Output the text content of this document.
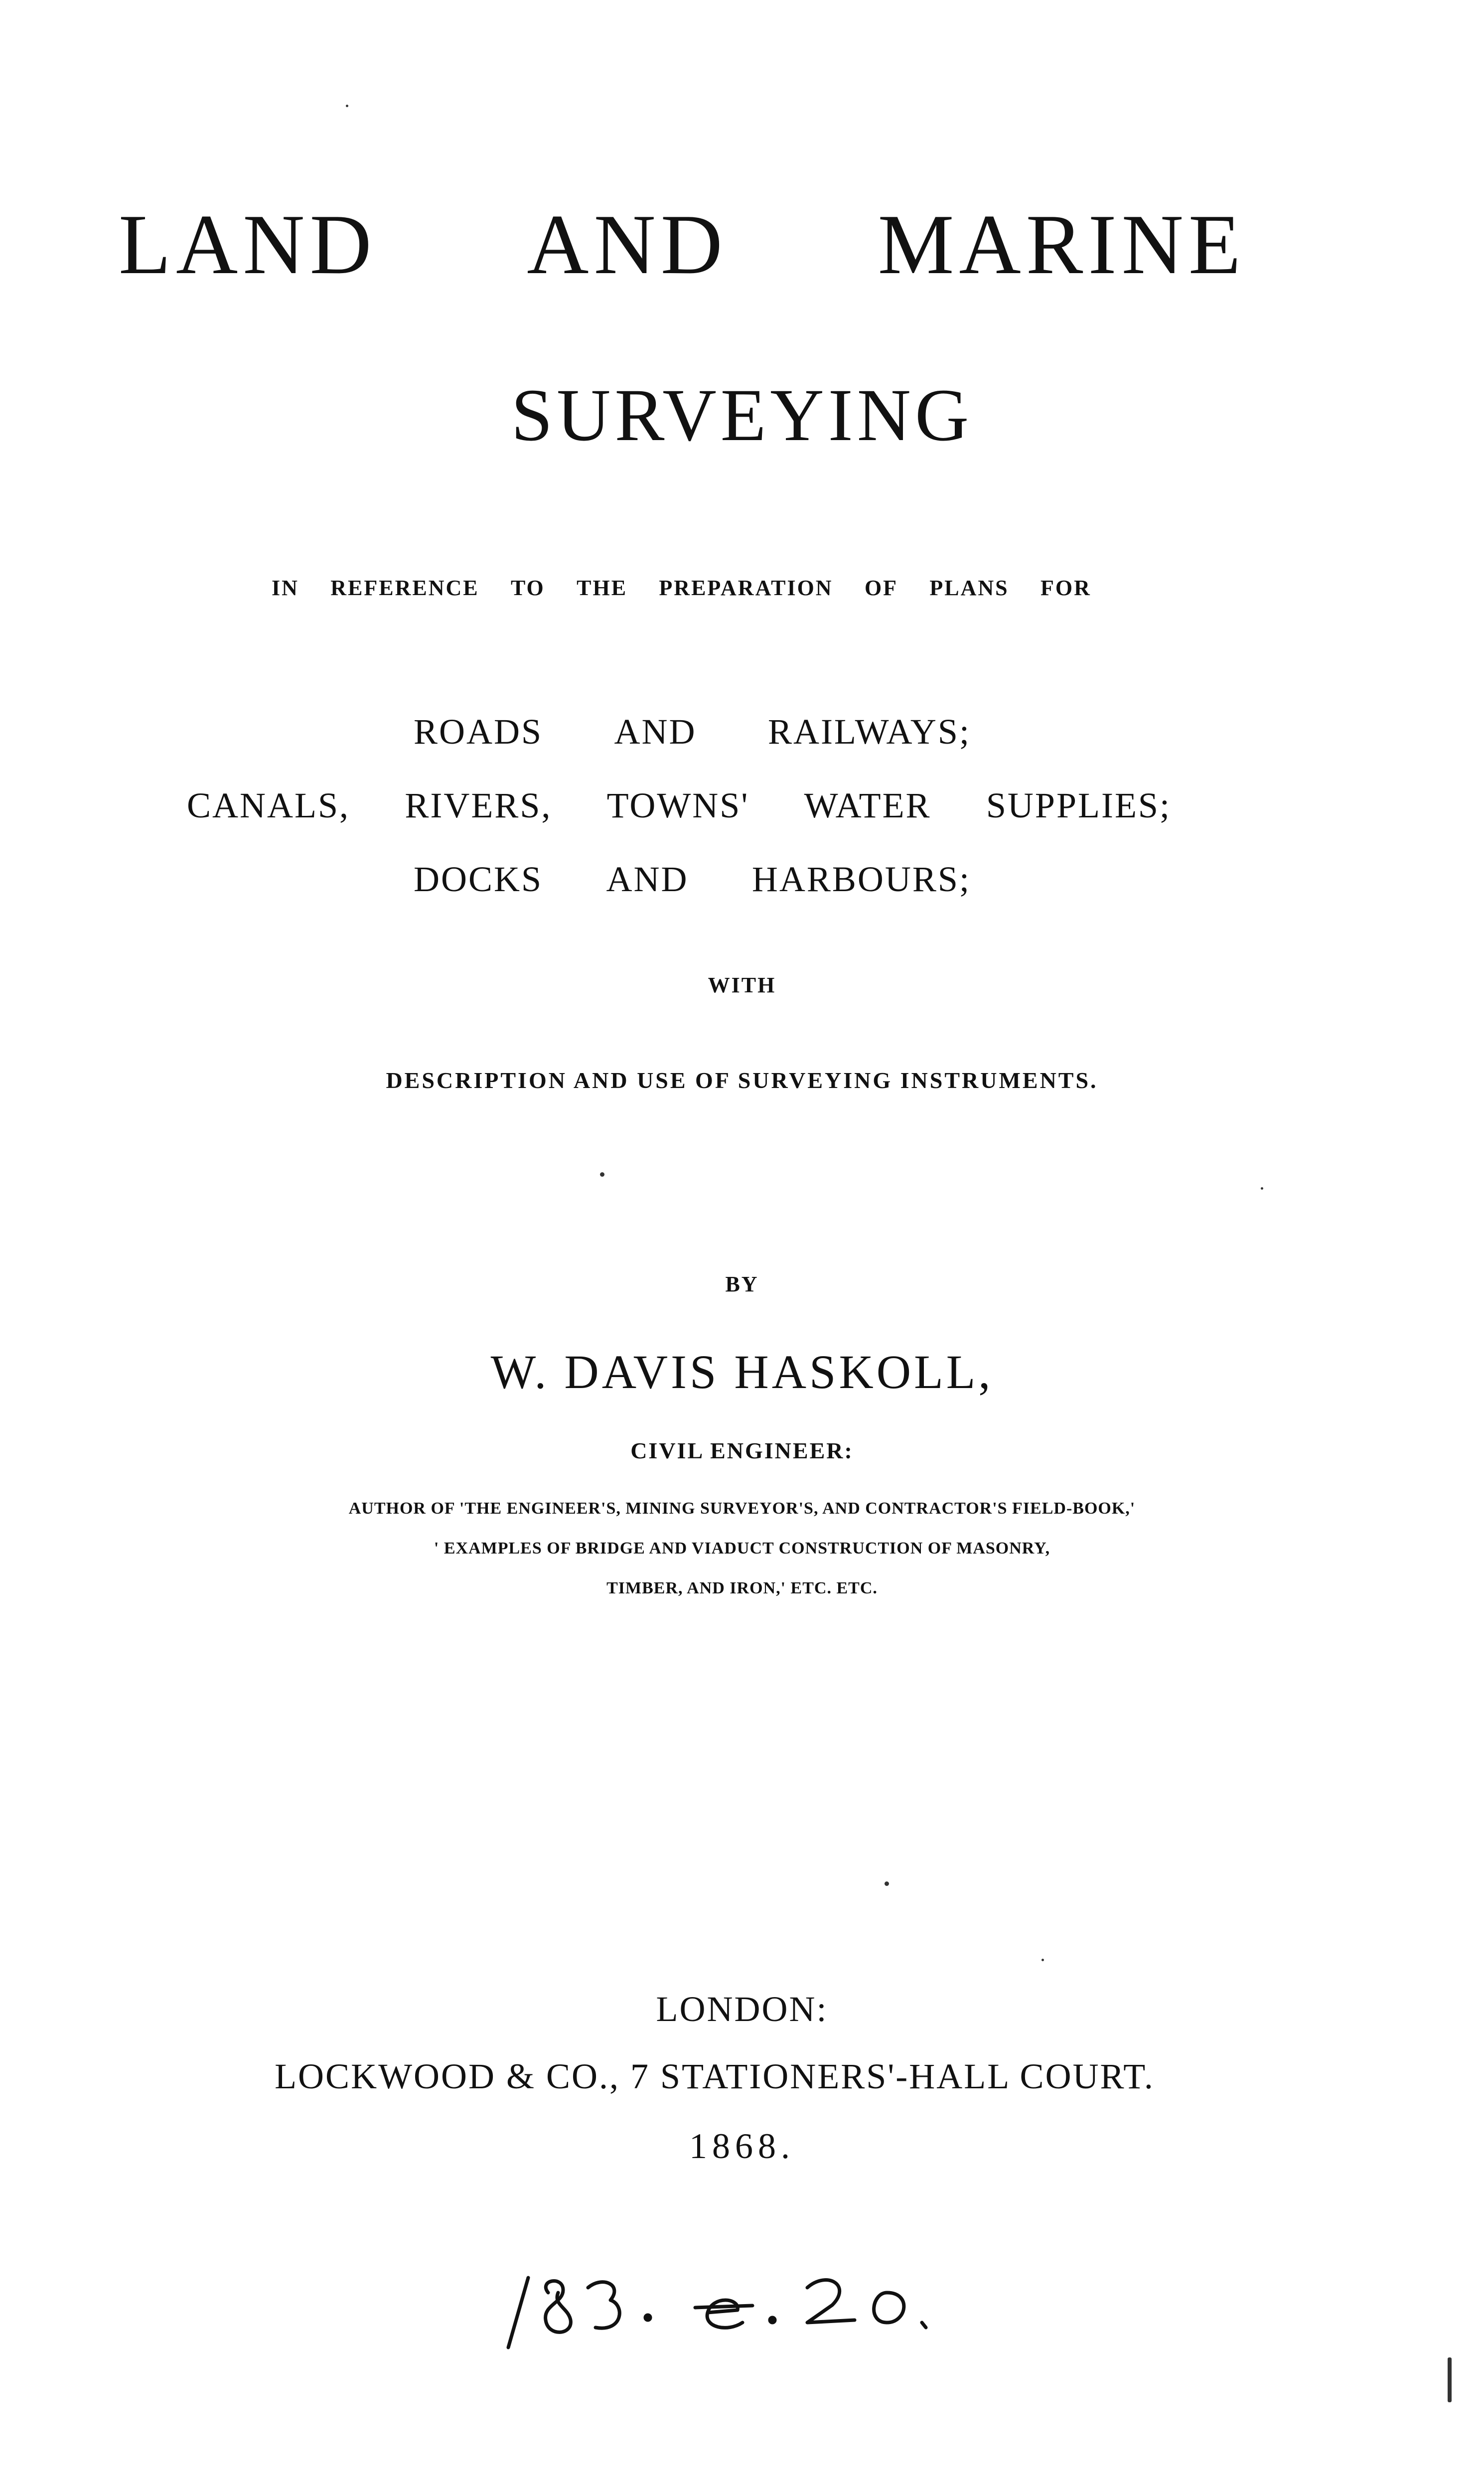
LAND AND MARINE
SURVEYING
IN REFERENCE TO THE PREPARATION OF PLANS FOR
ROADS AND RAILWAYS;
CANALS, RIVERS, TOWNS' WATER SUPPLIES;
DOCKS AND HARBOURS;
WITH
DESCRIPTION AND USE OF SURVEYING INSTRUMENTS.
BY
W. DAVIS HASKOLL,
CIVIL ENGINEER:
AUTHOR OF 'THE ENGINEER'S, MINING SURVEYOR'S, AND CONTRACTOR'S FIELD-BOOK,'
' EXAMPLES OF BRIDGE AND VIADUCT CONSTRUCTION OF MASONRY,
TIMBER, AND IRON,' ETC. ETC.
LONDON:
LOCKWOOD & CO., 7 STATIONERS'-HALL COURT.
1868.
